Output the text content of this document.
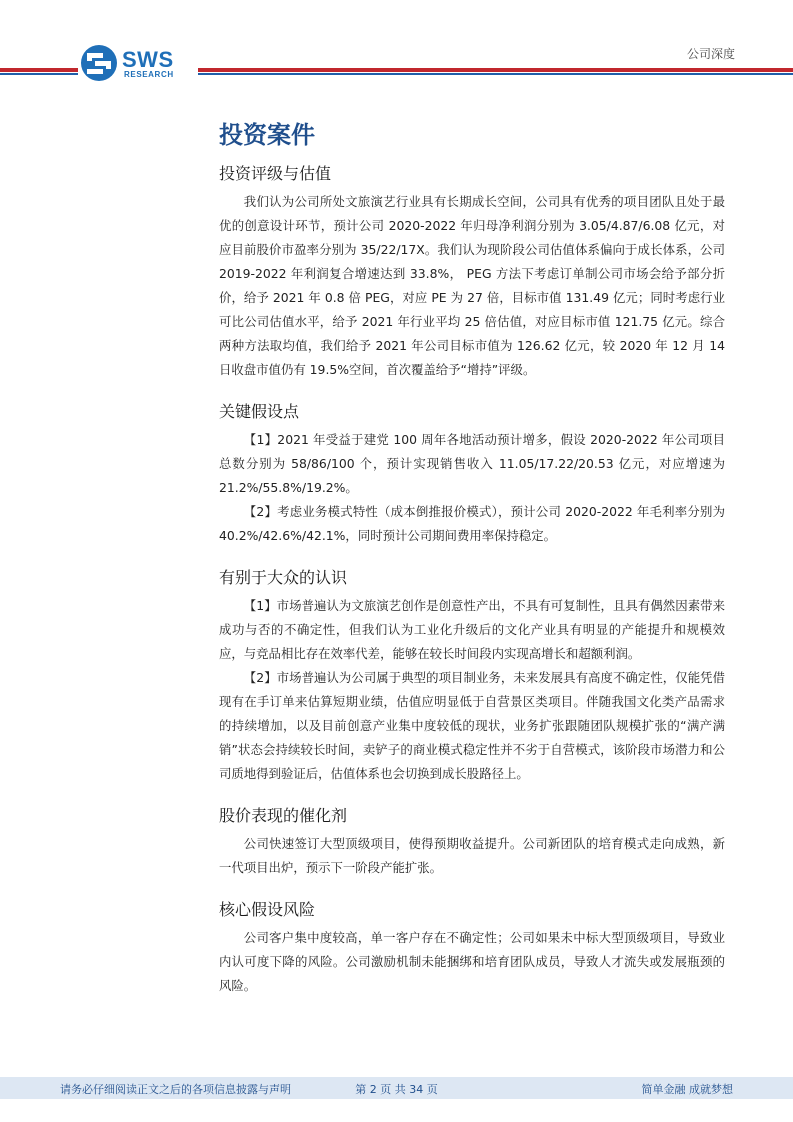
SWS
RESEARCH
公司深度
投资案件
投资评级与估值

我们认为公司所处文旅演艺行业具有长期成长空间，公司具有优秀的项目团队且处于最优的创意设计环节，预计公司 2020-2022 年归母净利润分别为 3.05/4.87/6.08 亿元，对应目前股价市盈率分别为 35/22/17X。我们认为现阶段公司估值体系偏向于成长体系，公司 2019-2022 年利润复合增速达到 33.8%， PEG 方法下考虑订单制公司市场会给予部分折价，给予 2021 年 0.8 倍 PEG，对应 PE 为 27 倍，目标市值 131.49 亿元；同时考虑行业可比公司估值水平，给予 2021 年行业平均 25 倍估值，对应目标市值 121.75 亿元。综合两种方法取均值，我们给予 2021 年公司目标市值为 126.62 亿元，较 2020 年 12 月 14 日收盘市值仍有 19.5%空间，首次覆盖给予“增持”评级。

关键假设点

【1】2021 年受益于建党 100 周年各地活动预计增多，假设 2020-2022 年公司项目总数分别为 58/86/100 个，预计实现销售收入 11.05/17.22/20.53 亿元，对应增速为 21.2%/55.8%/19.2%。

【2】考虑业务模式特性（成本倒推报价模式），预计公司 2020-2022 年毛利率分别为 40.2%/42.6%/42.1%，同时预计公司期间费用率保持稳定。

有别于大众的认识

【1】市场普遍认为文旅演艺创作是创意性产出，不具有可复制性，且具有偶然因素带来成功与否的不确定性，但我们认为工业化升级后的文化产业具有明显的产能提升和规模效应，与竞品相比存在效率代差，能够在较长时间段内实现高增长和超额利润。

【2】市场普遍认为公司属于典型的项目制业务，未来发展具有高度不确定性，仅能凭借现有在手订单来估算短期业绩，估值应明显低于自营景区类项目。伴随我国文化类产品需求的持续增加，以及目前创意产业集中度较低的现状，业务扩张跟随团队规模扩张的“满产满销”状态会持续较长时间，卖铲子的商业模式稳定性并不劣于自营模式，该阶段市场潜力和公司质地得到验证后，估值体系也会切换到成长股路径上。

股价表现的催化剂

公司快速签订大型顶级项目，使得预期收益提升。公司新团队的培育模式走向成熟，新一代项目出炉，预示下一阶段产能扩张。

核心假设风险

公司客户集中度较高，单一客户存在不确定性；公司如果未中标大型顶级项目，导致业内认可度下降的风险。公司激励机制未能捆绑和培育团队成员，导致人才流失或发展瓶颈的风险。

请务必仔细阅读正文之后的各项信息披露与声明	第 2 页 共 34 页	简单金融 成就梦想
